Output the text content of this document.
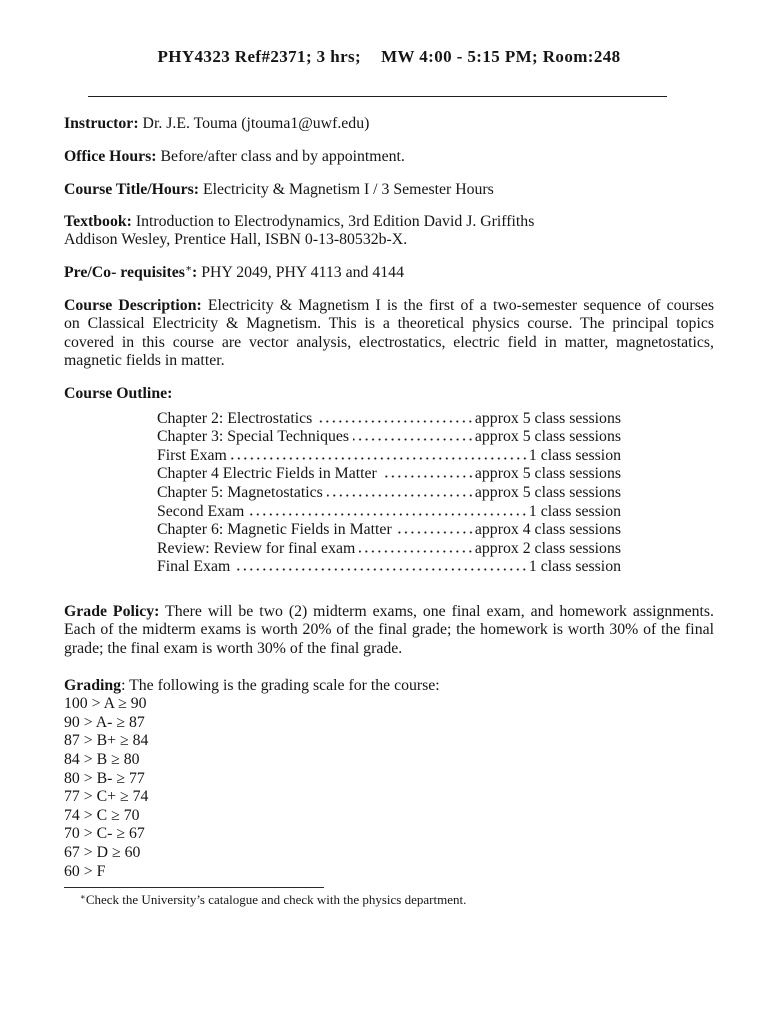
PHY4323 Ref#2371; 3 hrs; MW 4:00 - 5:15 PM; Room:248
Instructor: Dr. J.E. Touma (jtouma1@uwf.edu)
Office Hours: Before/after class and by appointment.
Course Title/Hours: Electricity & Magnetism I / 3 Semester Hours
Textbook: Introduction to Electrodynamics, 3rd Edition David J. Griffiths
Addison Wesley, Prentice Hall, ISBN 0-13-80532b-X.
Pre/Co- requisites∗: PHY 2049, PHY 4113 and 4144
Course Description: Electricity & Magnetism I is the first of a two-semester sequence of courses
on Classical Electricity & Magnetism. This is a theoretical physics course. The principal topics
covered in this course are vector analysis, electrostatics, electric field in matter, magnetostatics,
magnetic fields in matter.
Course Outline:
Chapter 2: Electrostatics	approx 5 class sessions
Chapter 3: Special Techniques	approx 5 class sessions
First Exam	1 class session
Chapter 4 Electric Fields in Matter	approx 5 class sessions
Chapter 5: Magnetostatics	approx 5 class sessions
Second Exam	1 class session
Chapter 6: Magnetic Fields in Matter	approx 4 class sessions
Review: Review for final exam	approx 2 class sessions
Final Exam	1 class session
Grade Policy: There will be two (2) midterm exams, one final exam, and homework assignments.
Each of the midterm exams is worth 20% of the final grade; the homework is worth 30% of the final
grade; the final exam is worth 30% of the final grade.
Grading: The following is the grading scale for the course:
100 > A ≥ 90
90 > A- ≥ 87
87 > B+ ≥ 84
84 > B ≥ 80
80 > B- ≥ 77
77 > C+ ≥ 74
74 > C ≥ 70
70 > C- ≥ 67
67 > D ≥ 60
60 > F
∗Check the University’s catalogue and check with the physics department.
